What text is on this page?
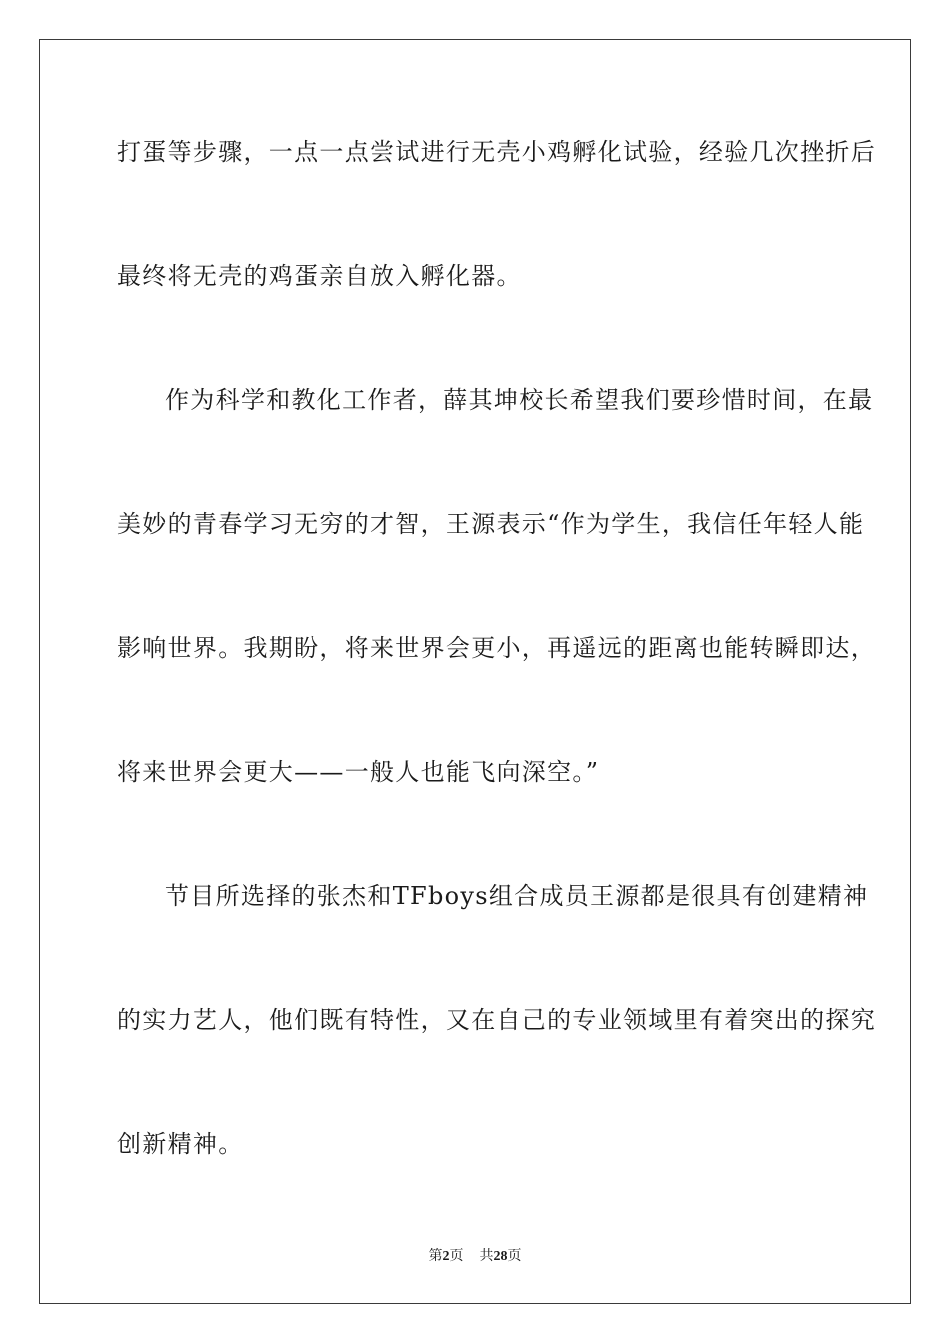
打蛋等步骤，一点一点尝试进行无壳小鸡孵化试验，经验几次挫折后
最终将无壳的鸡蛋亲自放入孵化器。
作为科学和教化工作者，薛其坤校长希望我们要珍惜时间，在最
美妙的青春学习无穷的才智，王源表示“作为学生，我信任年轻人能
影响世界。我期盼，将来世界会更小，再遥远的距离也能转瞬即达，
将来世界会更大——一般人也能飞向深空。”
节目所选择的张杰和TFboys组合成员王源都是很具有创建精神
的实力艺人，他们既有特性，又在自己的专业领域里有着突出的探究
创新精神。
第2页 共28页
